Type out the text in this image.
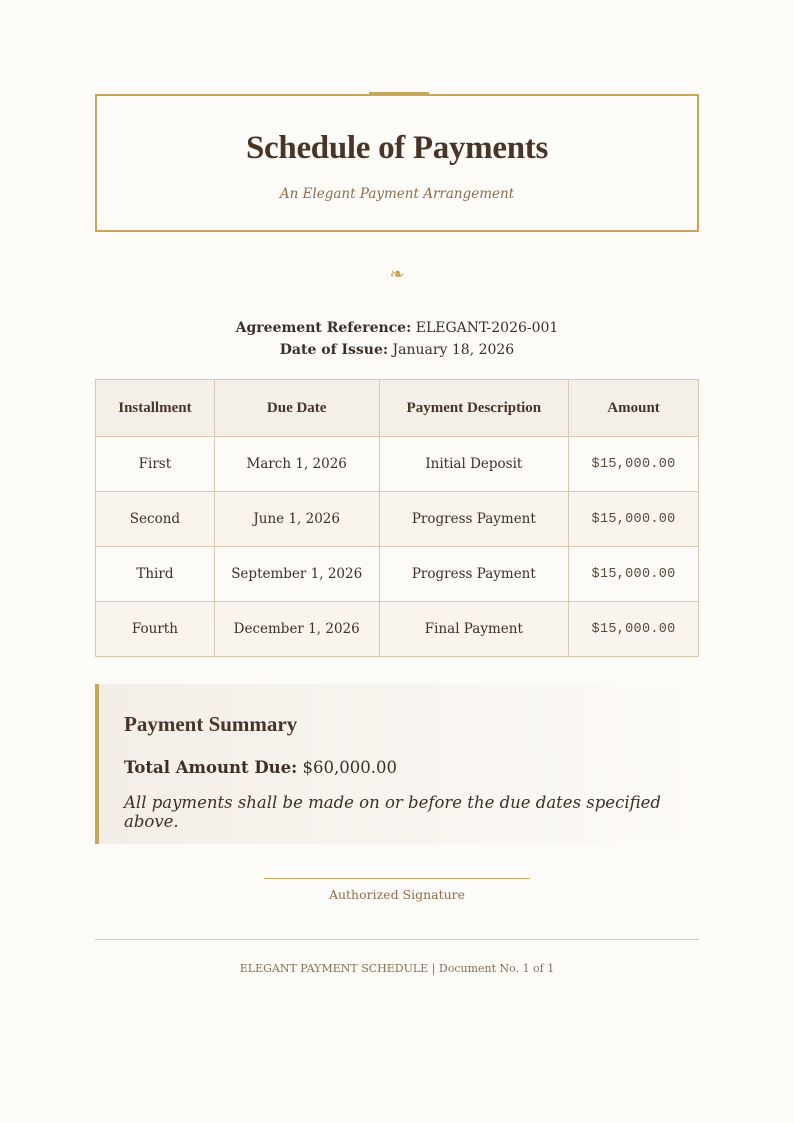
Schedule of Payments
An Elegant Payment Arrangement
❧
Agreement Reference: ELEGANT-2026-001
Date of Issue: January 18, 2026
Installment	Due Date	Payment Description	Amount
First	March 1, 2026	Initial Deposit	$15,000.00
Second	June 1, 2026	Progress Payment	$15,000.00
Third	September 1, 2026	Progress Payment	$15,000.00
Fourth	December 1, 2026	Final Payment	$15,000.00
Payment Summary
Total Amount Due: $60,000.00
All payments shall be made on or before the due dates specified above.
Authorized Signature
ELEGANT PAYMENT SCHEDULE | Document No. 1 of 1
